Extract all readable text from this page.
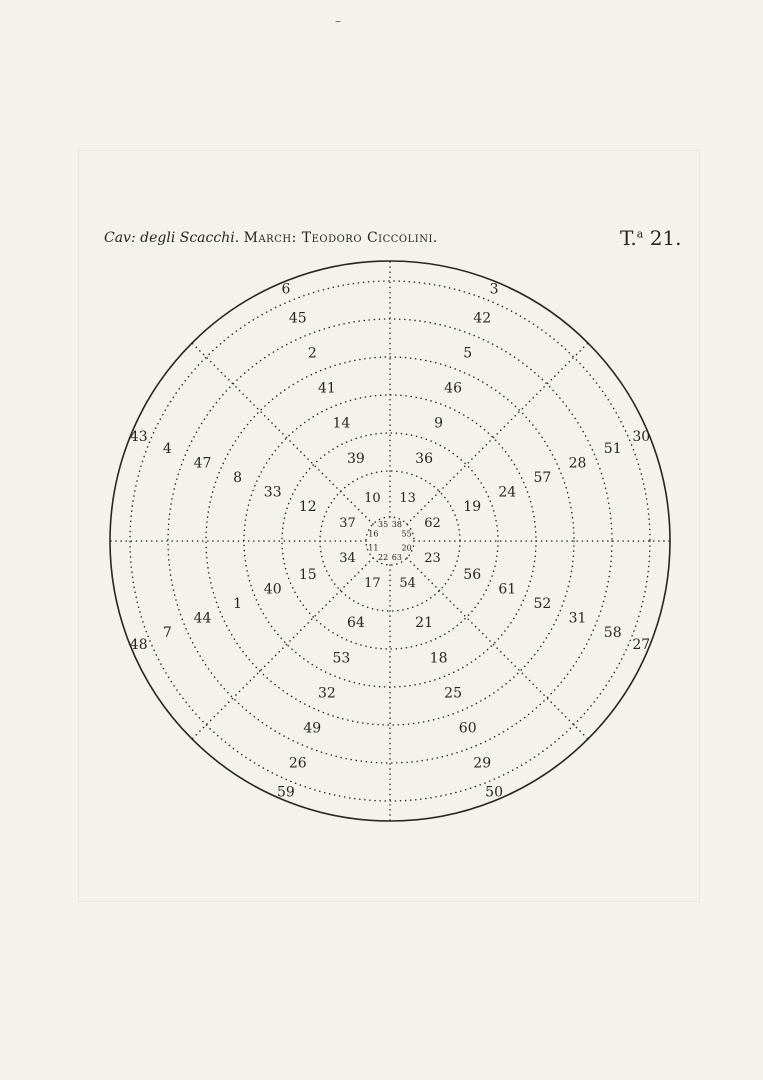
–
Cav: degli Scacchi. March: Teodoro Ciccolini.	T.$^a$ 21.
3
30
27
50
59
48
43
6
42
51
58
29
26
7
4
45
5
28
31
60
49
44
47
2
46
57
52
25
32
1
8
41
9
24
61
18
53
40
33
14
36
19
56
21
64
15
12
39
13
62
23
54
17
34
37
10
38
55
20
63
22
11
16
35
